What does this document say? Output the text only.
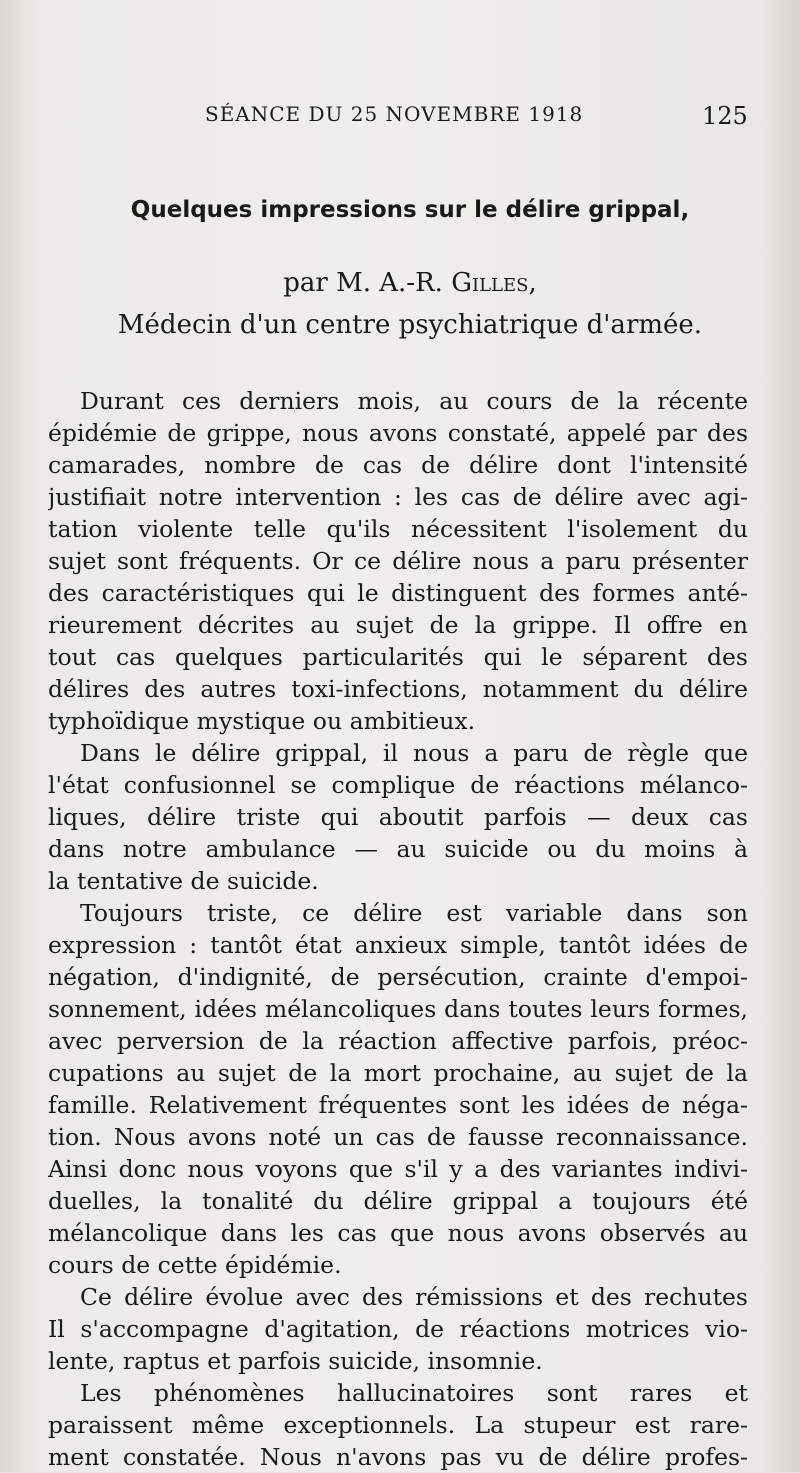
SÉANCE DU 25 NOVEMBRE 1918	125
Quelques impressions sur le délire grippal,
par M. A.-R. Gilles,
Médecin d'un centre psychiatrique d'armée.
Durant ces derniers mois, au cours de la récente
épidémie de grippe, nous avons constaté, appelé par des
camarades, nombre de cas de délire dont l'intensité
justifiait notre intervention : les cas de délire avec agi-
tation violente telle qu'ils nécessitent l'isolement du
sujet sont fréquents. Or ce délire nous a paru présenter
des caractéristiques qui le distinguent des formes anté-
rieurement décrites au sujet de la grippe. Il offre en
tout cas quelques particularités qui le séparent des
délires des autres toxi-infections, notamment du délire
typhoïdique mystique ou ambitieux.
Dans le délire grippal, il nous a paru de règle que
l'état confusionnel se complique de réactions mélanco-
liques, délire triste qui aboutit parfois — deux cas
dans notre ambulance — au suicide ou du moins à
la tentative de suicide.
Toujours triste, ce délire est variable dans son
expression : tantôt état anxieux simple, tantôt idées de
négation, d'indignité, de persécution, crainte d'empoi-
sonnement, idées mélancoliques dans toutes leurs formes,
avec perversion de la réaction affective parfois, préoc-
cupations au sujet de la mort prochaine, au sujet de la
famille. Relativement fréquentes sont les idées de néga-
tion. Nous avons noté un cas de fausse reconnaissance.
Ainsi donc nous voyons que s'il y a des variantes indivi-
duelles, la tonalité du délire grippal a toujours été
mélancolique dans les cas que nous avons observés au
cours de cette épidémie.
Ce délire évolue avec des rémissions et des rechutes
Il s'accompagne d'agitation, de réactions motrices vio-
lente, raptus et parfois suicide, insomnie.
Les phénomènes hallucinatoires sont rares et
paraissent même exceptionnels. La stupeur est rare-
ment constatée. Nous n'avons pas vu de délire profes-
